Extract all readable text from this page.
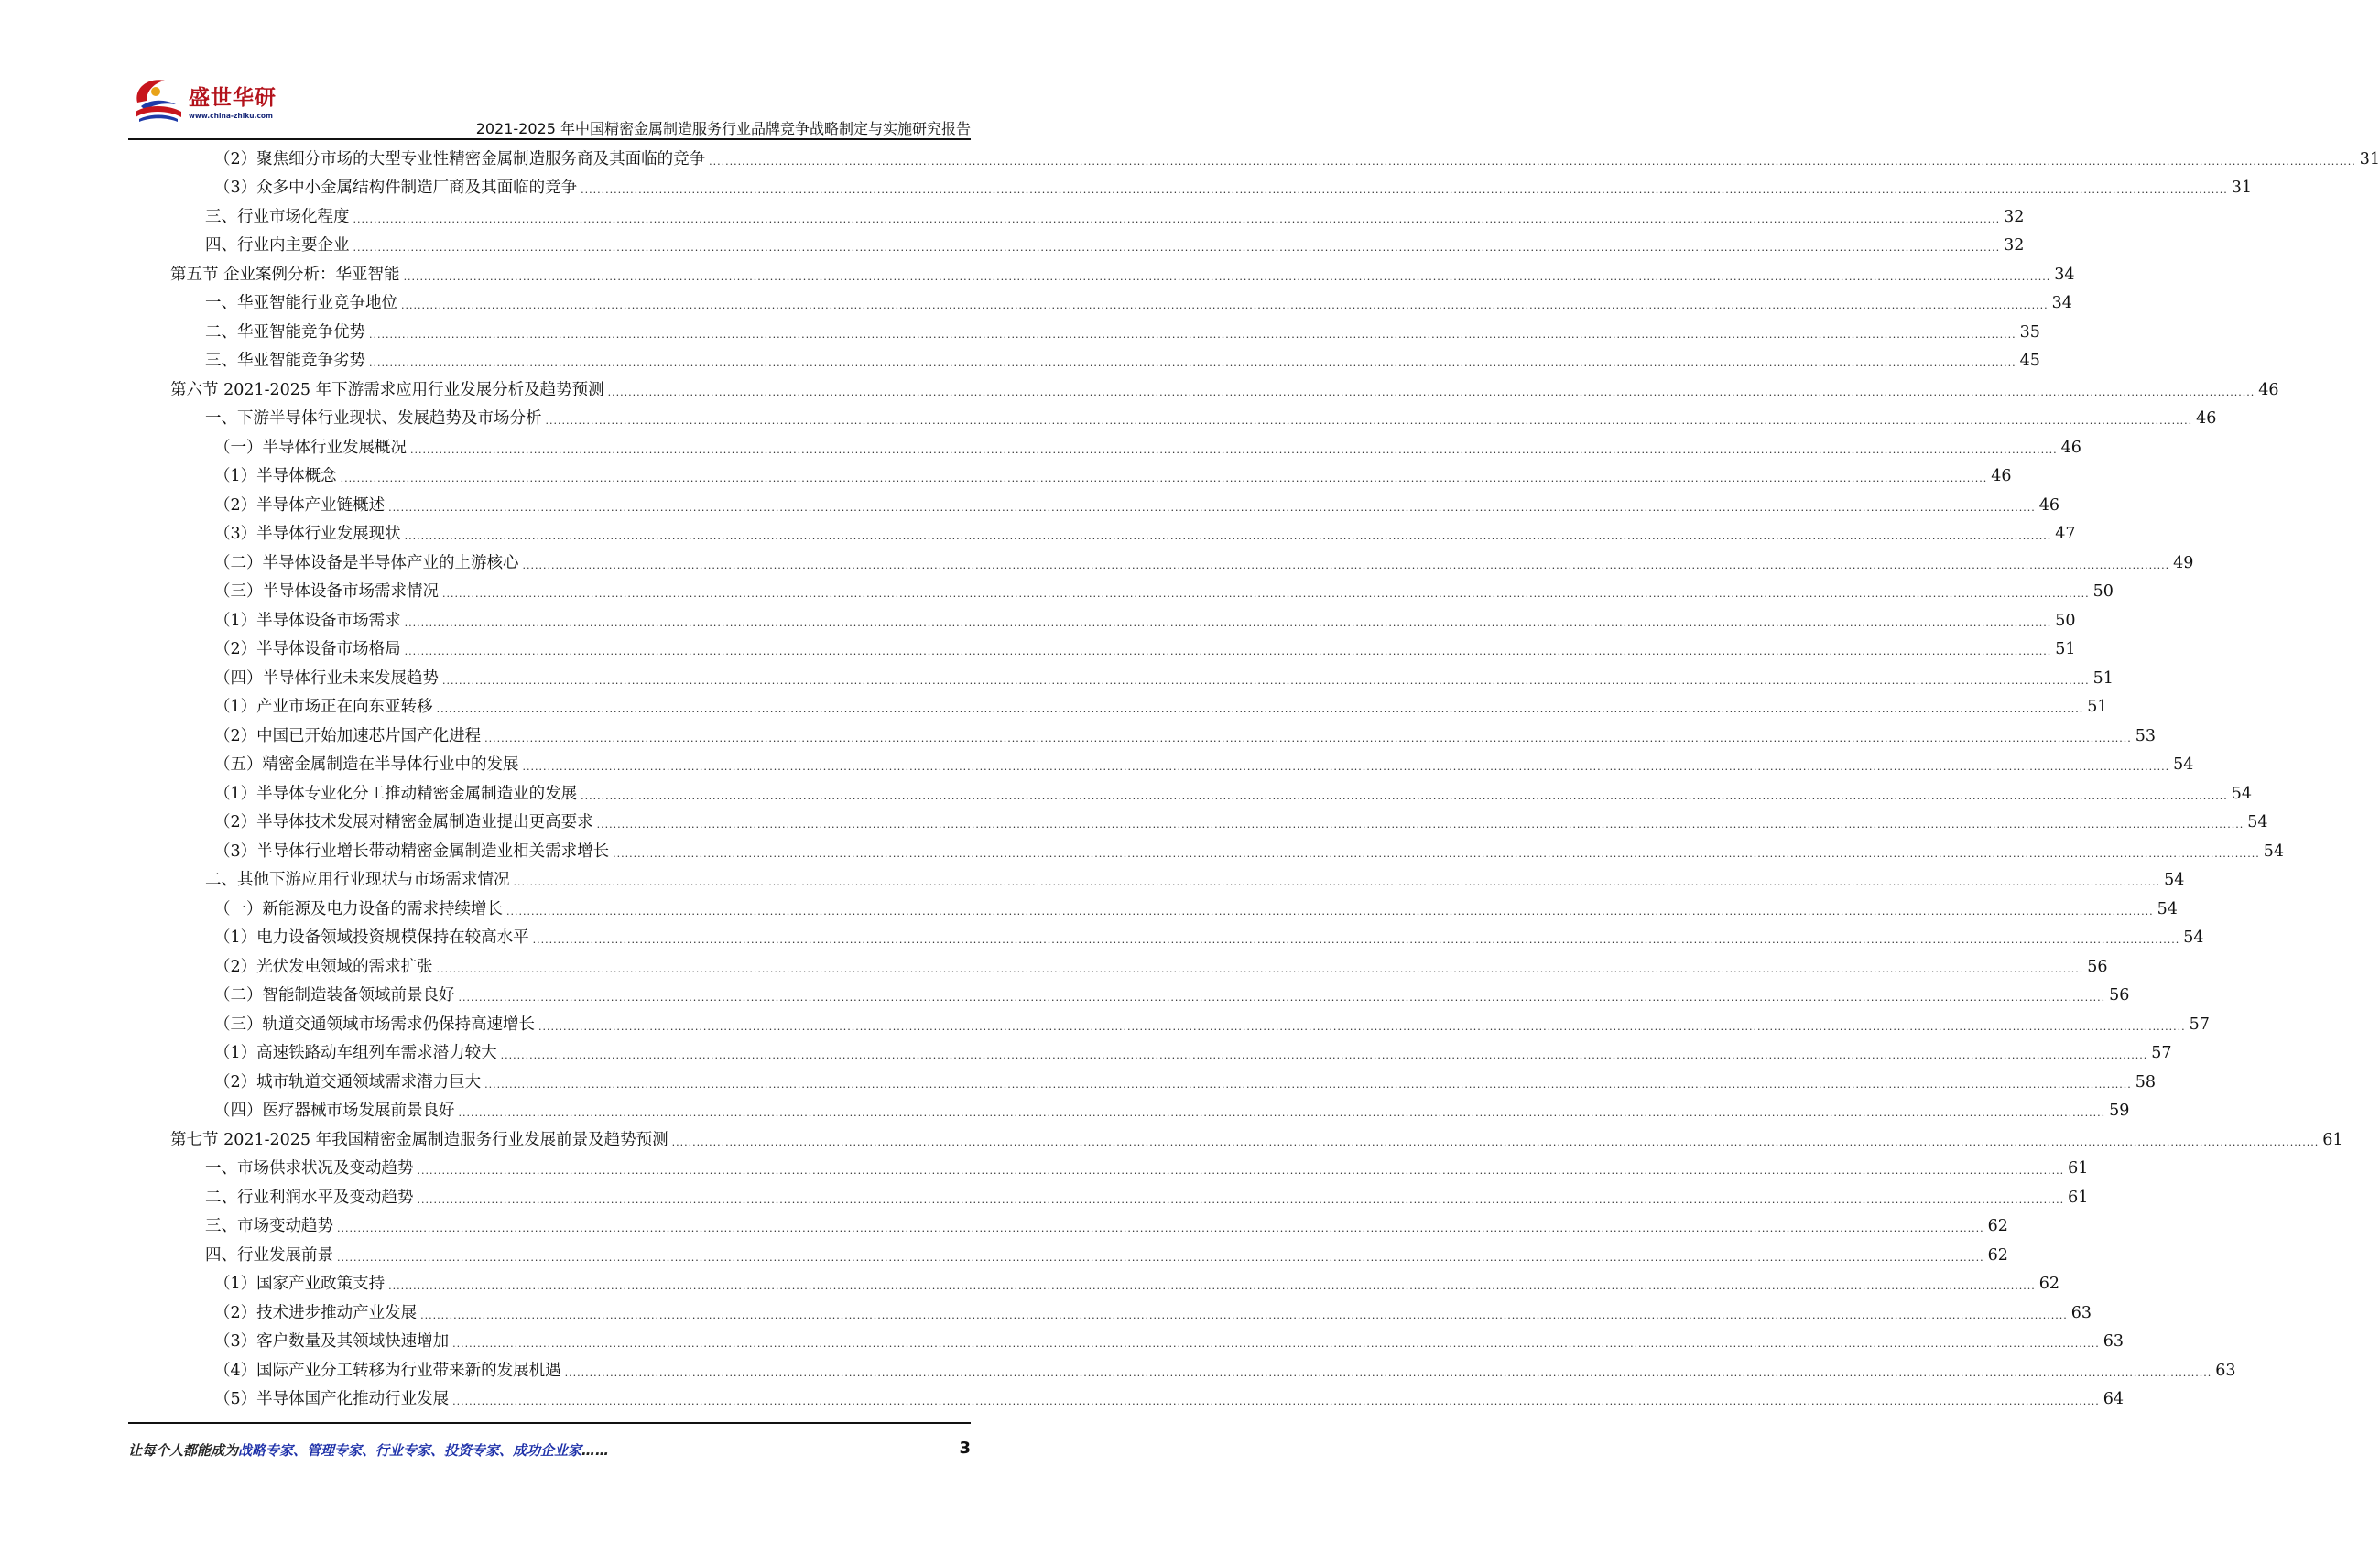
盛世华研
www.china-zhiku.com
2021-2025 年中国精密金属制造服务行业品牌竞争战略制定与实施研究报告
（2）聚焦细分市场的大型专业性精密金属制造服务商及其面临的竞争 ................................................................................................................................................................................................................................................................................................................................................................................................................ 31
（3）众多中小金属结构件制造厂商及其面临的竞争 ................................................................................................................................................................................................................................................................................................................................................................................................................ 31
三、行业市场化程度 ................................................................................................................................................................................................................................................................................................................................................................................................................ 32
四、行业内主要企业 ................................................................................................................................................................................................................................................................................................................................................................................................................ 32
第五节 企业案例分析：华亚智能 ................................................................................................................................................................................................................................................................................................................................................................................................................ 34
一、华亚智能行业竞争地位 ................................................................................................................................................................................................................................................................................................................................................................................................................ 34
二、华亚智能竞争优势 ................................................................................................................................................................................................................................................................................................................................................................................................................ 35
三、华亚智能竞争劣势 ................................................................................................................................................................................................................................................................................................................................................................................................................ 45
第六节 2021-2025 年下游需求应用行业发展分析及趋势预测 ................................................................................................................................................................................................................................................................................................................................................................................................................ 46
一、下游半导体行业现状、发展趋势及市场分析 ................................................................................................................................................................................................................................................................................................................................................................................................................ 46
（一）半导体行业发展概况 ................................................................................................................................................................................................................................................................................................................................................................................................................ 46
（1）半导体概念 ................................................................................................................................................................................................................................................................................................................................................................................................................ 46
（2）半导体产业链概述 ................................................................................................................................................................................................................................................................................................................................................................................................................ 46
（3）半导体行业发展现状 ................................................................................................................................................................................................................................................................................................................................................................................................................ 47
（二）半导体设备是半导体产业的上游核心 ................................................................................................................................................................................................................................................................................................................................................................................................................ 49
（三）半导体设备市场需求情况 ................................................................................................................................................................................................................................................................................................................................................................................................................ 50
（1）半导体设备市场需求 ................................................................................................................................................................................................................................................................................................................................................................................................................ 50
（2）半导体设备市场格局 ................................................................................................................................................................................................................................................................................................................................................................................................................ 51
（四）半导体行业未来发展趋势 ................................................................................................................................................................................................................................................................................................................................................................................................................ 51
（1）产业市场正在向东亚转移 ................................................................................................................................................................................................................................................................................................................................................................................................................ 51
（2）中国已开始加速芯片国产化进程 ................................................................................................................................................................................................................................................................................................................................................................................................................ 53
（五）精密金属制造在半导体行业中的发展 ................................................................................................................................................................................................................................................................................................................................................................................................................ 54
（1）半导体专业化分工推动精密金属制造业的发展 ................................................................................................................................................................................................................................................................................................................................................................................................................ 54
（2）半导体技术发展对精密金属制造业提出更高要求 ................................................................................................................................................................................................................................................................................................................................................................................................................ 54
（3）半导体行业增长带动精密金属制造业相关需求增长 ................................................................................................................................................................................................................................................................................................................................................................................................................ 54
二、其他下游应用行业现状与市场需求情况 ................................................................................................................................................................................................................................................................................................................................................................................................................ 54
（一）新能源及电力设备的需求持续增长 ................................................................................................................................................................................................................................................................................................................................................................................................................ 54
（1）电力设备领域投资规模保持在较高水平 ................................................................................................................................................................................................................................................................................................................................................................................................................ 54
（2）光伏发电领域的需求扩张 ................................................................................................................................................................................................................................................................................................................................................................................................................ 56
（二）智能制造装备领域前景良好 ................................................................................................................................................................................................................................................................................................................................................................................................................ 56
（三）轨道交通领域市场需求仍保持高速增长 ................................................................................................................................................................................................................................................................................................................................................................................................................ 57
（1）高速铁路动车组列车需求潜力较大 ................................................................................................................................................................................................................................................................................................................................................................................................................ 57
（2）城市轨道交通领域需求潜力巨大 ................................................................................................................................................................................................................................................................................................................................................................................................................ 58
（四）医疗器械市场发展前景良好 ................................................................................................................................................................................................................................................................................................................................................................................................................ 59
第七节 2021-2025 年我国精密金属制造服务行业发展前景及趋势预测 ................................................................................................................................................................................................................................................................................................................................................................................................................ 61
一、市场供求状况及变动趋势 ................................................................................................................................................................................................................................................................................................................................................................................................................ 61
二、行业利润水平及变动趋势 ................................................................................................................................................................................................................................................................................................................................................................................................................ 61
三、市场变动趋势 ................................................................................................................................................................................................................................................................................................................................................................................................................ 62
四、行业发展前景 ................................................................................................................................................................................................................................................................................................................................................................................................................ 62
（1）国家产业政策支持 ................................................................................................................................................................................................................................................................................................................................................................................................................ 62
（2）技术进步推动产业发展 ................................................................................................................................................................................................................................................................................................................................................................................................................ 63
（3）客户数量及其领域快速增加 ................................................................................................................................................................................................................................................................................................................................................................................................................ 63
（4）国际产业分工转移为行业带来新的发展机遇 ................................................................................................................................................................................................................................................................................................................................................................................................................ 63
（5）半导体国产化推动行业发展 ................................................................................................................................................................................................................................................................................................................................................................................................................ 64
让每个人都能成为战略专家、管理专家、行业专家、投资专家、成功企业家……	3
